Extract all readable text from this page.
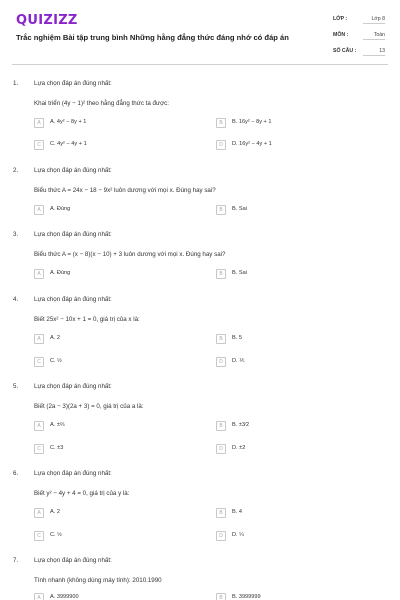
QUIZIZZ
Trắc nghiệm Bài tập trung bình Những hằng đẳng thức đáng nhớ có đáp án
LỚP :	Lớp 8
MÔN :	Toán
SỐ CÂU :	13
1.	Lựa chọn đáp án đúng nhất:
Khai triển (4y − 1)² theo hằng đẳng thức ta được:
A	A. 4y² − 8y + 1	B	B. 16y² − 8y + 1
C	C. 4y² − 4y + 1	D	D. 16y² − 4y + 1
2.	Lựa chọn đáp án đúng nhất:
Biểu thức A = 24x − 18 − 9x² luôn dương với mọi x. Đúng hay sai?
A	A. Đúng	B	B. Sai
3.	Lựa chọn đáp án đúng nhất:
Biểu thức A = (x − 8)(x − 10) + 3 luôn dương với mọi x. Đúng hay sai?
A	A. Đúng	B	B. Sai
4.	Lựa chọn đáp án đúng nhất:
Biết 25x² − 10x + 1 = 0, giá trị của x là:
A	A. 2	B	B. 5
C	C. ½	D	D. ⅕
5.	Lựa chọn đáp án đúng nhất:
Biết (2a − 3)(2a + 3) = 0, giá trị của a là:
A	A. ±⅔	B	B. ±3⁄2
C	C. ±3	D	D. ±2
6.	Lựa chọn đáp án đúng nhất:
Biết y² − 4y + 4 = 0, giá trị của y là:
A	A. 2	B	B. 4
C	C. ½	D	D. ¼
7.	Lựa chọn đáp án đúng nhất:
Tính nhanh (không dùng máy tính): 2010.1990
A	A. 3999900	B	B. 3999999
